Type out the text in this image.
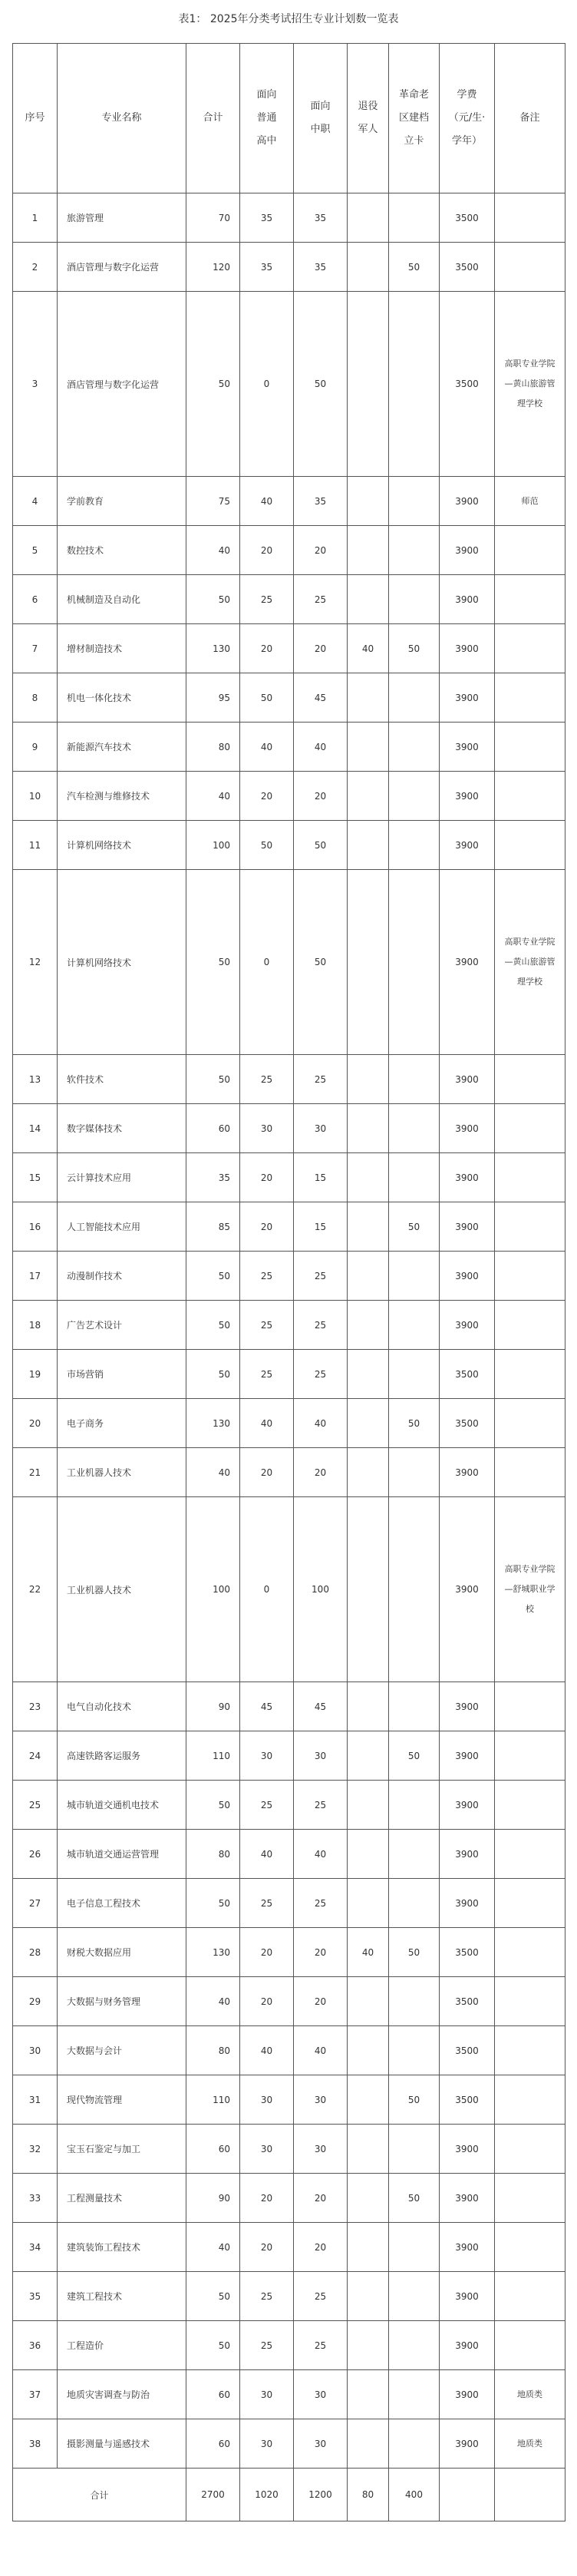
表1： 2025年分类考试招生专业计划数一览表
序号	专业名称	合计	面向普通高中	面向中职	退役军人	革命老区建档立卡	学费（元/生·学年）	备注
1	旅游管理	70	35	35			3500	
2	酒店管理与数字化运营	120	35	35		50	3500	
3	酒店管理与数字化运营	50	0	50			3500	高职专业学院—黄山旅游管理学校
4	学前教育	75	40	35			3900	师范
5	数控技术	40	20	20			3900	
6	机械制造及自动化	50	25	25			3900	
7	增材制造技术	130	20	20	40	50	3900	
8	机电一体化技术	95	50	45			3900	
9	新能源汽车技术	80	40	40			3900	
10	汽车检测与维修技术	40	20	20			3900	
11	计算机网络技术	100	50	50			3900	
12	计算机网络技术	50	0	50			3900	高职专业学院—黄山旅游管理学校
13	软件技术	50	25	25			3900	
14	数字媒体技术	60	30	30			3900	
15	云计算技术应用	35	20	15			3900	
16	人工智能技术应用	85	20	15		50	3900	
17	动漫制作技术	50	25	25			3900	
18	广告艺术设计	50	25	25			3900	
19	市场营销	50	25	25			3500	
20	电子商务	130	40	40		50	3500	
21	工业机器人技术	40	20	20			3900	
22	工业机器人技术	100	0	100			3900	高职专业学院—舒城职业学校
23	电气自动化技术	90	45	45			3900	
24	高速铁路客运服务	110	30	30		50	3900	
25	城市轨道交通机电技术	50	25	25			3900	
26	城市轨道交通运营管理	80	40	40			3900	
27	电子信息工程技术	50	25	25			3900	
28	财税大数据应用	130	20	20	40	50	3500	
29	大数据与财务管理	40	20	20			3500	
30	大数据与会计	80	40	40			3500	
31	现代物流管理	110	30	30		50	3500	
32	宝玉石鉴定与加工	60	30	30			3900	
33	工程测量技术	90	20	20		50	3900	
34	建筑装饰工程技术	40	20	20			3900	
35	建筑工程技术	50	25	25			3900	
36	工程造价	50	25	25			3900	
37	地质灾害调查与防治	60	30	30			3900	地质类
38	摄影测量与遥感技术	60	30	30			3900	地质类
合计		2700	1020	1200	80	400		
